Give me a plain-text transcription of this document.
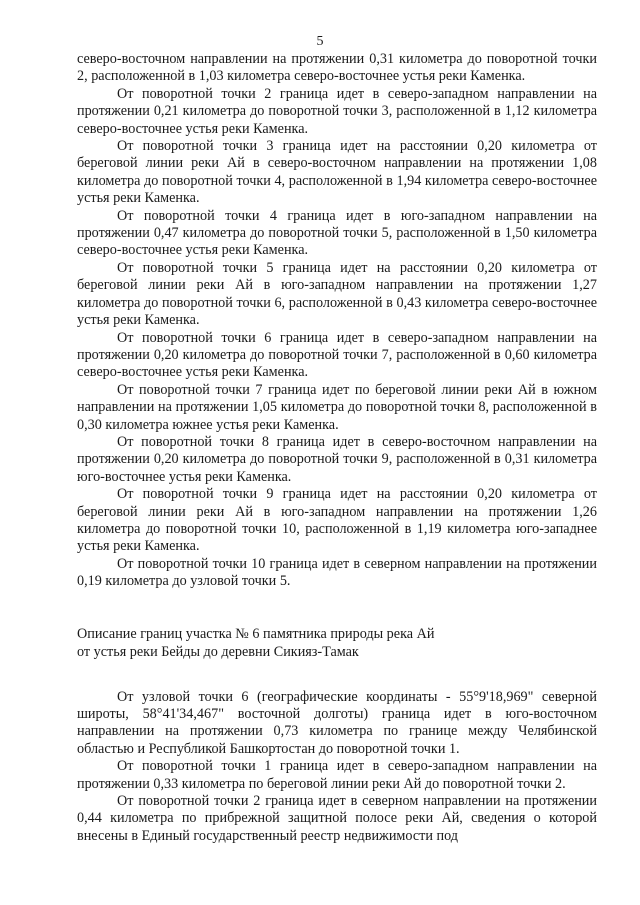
5

северо-восточном направлении на протяжении 0,31 километра до поворотной точки 2, расположенной в 1,03 километра северо-восточнее устья реки Каменка.

От поворотной точки 2 граница идет в северо-западном направлении на протяжении 0,21 километра до поворотной точки 3, расположенной в 1,12 километра северо-восточнее устья реки Каменка.

От поворотной точки 3 граница идет на расстоянии 0,20 километра от береговой линии реки Ай в северо-восточном направлении на протяжении 1,08 километра до поворотной точки 4, расположенной в 1,94 километра северо-восточнее устья реки Каменка.

От поворотной точки 4 граница идет в юго-западном направлении на протяжении 0,47 километра до поворотной точки 5, расположенной в 1,50 километра северо-восточнее устья реки Каменка.

От поворотной точки 5 граница идет на расстоянии 0,20 километра от береговой линии реки Ай в юго-западном направлении на протяжении 1,27 километра до поворотной точки 6, расположенной в 0,43 километра северо-восточнее устья реки Каменка.

От поворотной точки 6 граница идет в северо-западном направлении на протяжении 0,20 километра до поворотной точки 7, расположенной в 0,60 километра северо-восточнее устья реки Каменка.

От поворотной точки 7 граница идет по береговой линии реки Ай в южном направлении на протяжении 1,05 километра до поворотной точки 8, расположенной в 0,30 километра южнее устья реки Каменка.

От поворотной точки 8 граница идет в северо-восточном направлении на протяжении 0,20 километра до поворотной точки 9, расположенной в 0,31 километра юго-восточнее устья реки Каменка.

От поворотной точки 9 граница идет на расстоянии 0,20 километра от береговой линии реки Ай в юго-западном направлении на протяжении 1,26 километра до поворотной точки 10, расположенной в 1,19 километра юго-западнее устья реки Каменка.

От поворотной точки 10 граница идет в северном направлении на протяжении 0,19 километра до узловой точки 5.

Описание границ участка № 6 памятника природы река Ай
от устья реки Бейды до деревни Сикияз-Тамак

От узловой точки 6 (географические координаты - 55°9'18,969" северной широты, 58°41'34,467" восточной долготы) граница идет в юго-восточном направлении на протяжении 0,73 километра по границе между Челябинской областью и Республикой Башкортостан до поворотной точки 1.

От поворотной точки 1 граница идет в северо-западном направлении на протяжении 0,33 километра по береговой линии реки Ай до поворотной точки 2.

От поворотной точки 2 граница идет в северном направлении на протяжении 0,44 километра по прибрежной защитной полосе реки Ай, сведения о которой внесены в Единый государственный реестр недвижимости под
